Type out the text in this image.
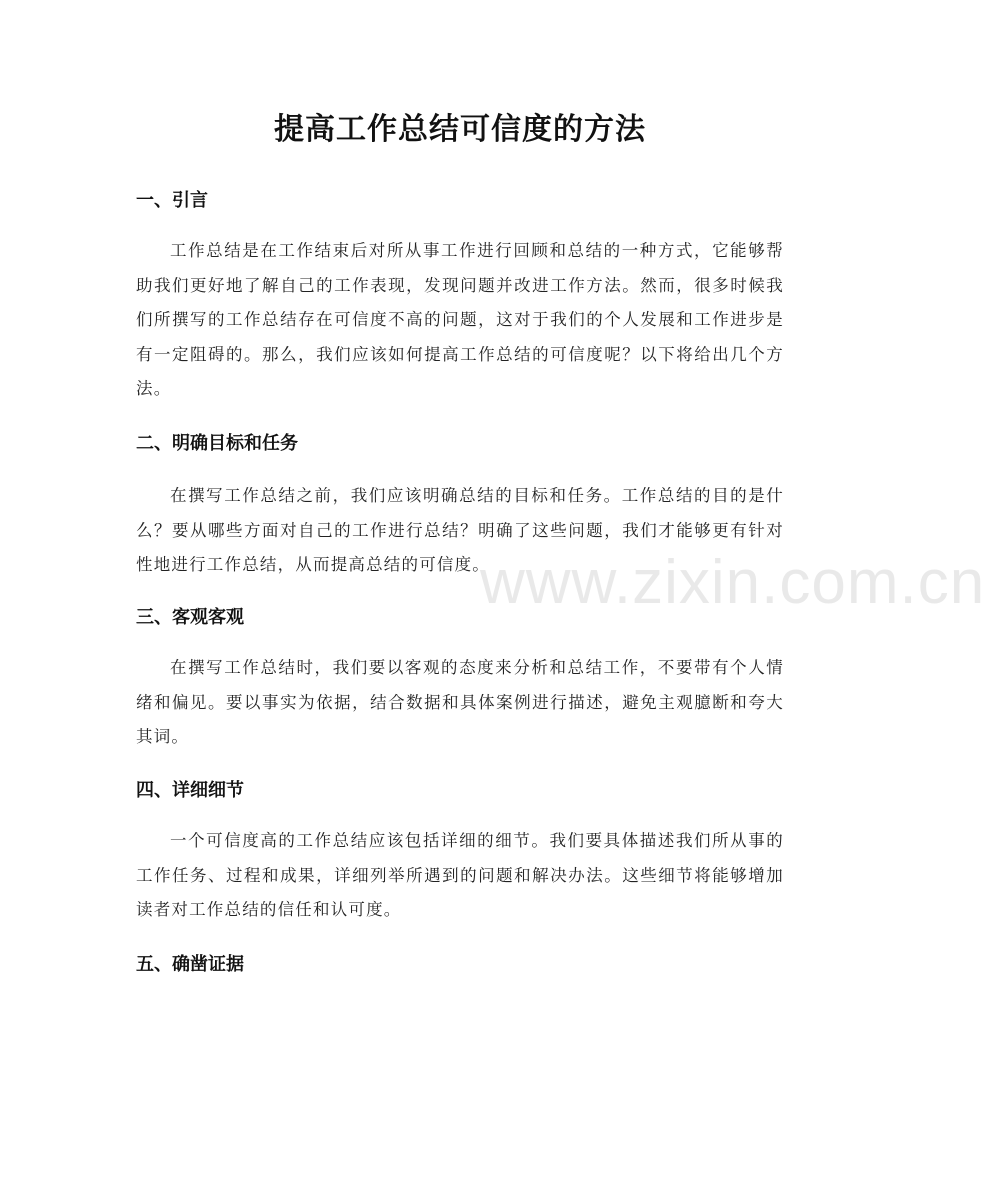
提高工作总结可信度的方法
一、引言

工作总结是在工作结束后对所从事工作进行回顾和总结的一种方式，它能够帮助我们更好地了解自己的工作表现，发现问题并改进工作方法。然而，很多时候我们所撰写的工作总结存在可信度不高的问题，这对于我们的个人发展和工作进步是有一定阻碍的。那么，我们应该如何提高工作总结的可信度呢？以下将给出几个方法。

二、明确目标和任务

在撰写工作总结之前，我们应该明确总结的目标和任务。工作总结的目的是什么？要从哪些方面对自己的工作进行总结？明确了这些问题，我们才能够更有针对性地进行工作总结，从而提高总结的可信度。

三、客观客观

在撰写工作总结时，我们要以客观的态度来分析和总结工作，不要带有个人情绪和偏见。要以事实为依据，结合数据和具体案例进行描述，避免主观臆断和夸大其词。

四、详细细节

一个可信度高的工作总结应该包括详细的细节。我们要具体描述我们所从事的工作任务、过程和成果，详细列举所遇到的问题和解决办法。这些细节将能够增加读者对工作总结的信任和认可度。

五、确凿证据
www.zixin.com.cn
